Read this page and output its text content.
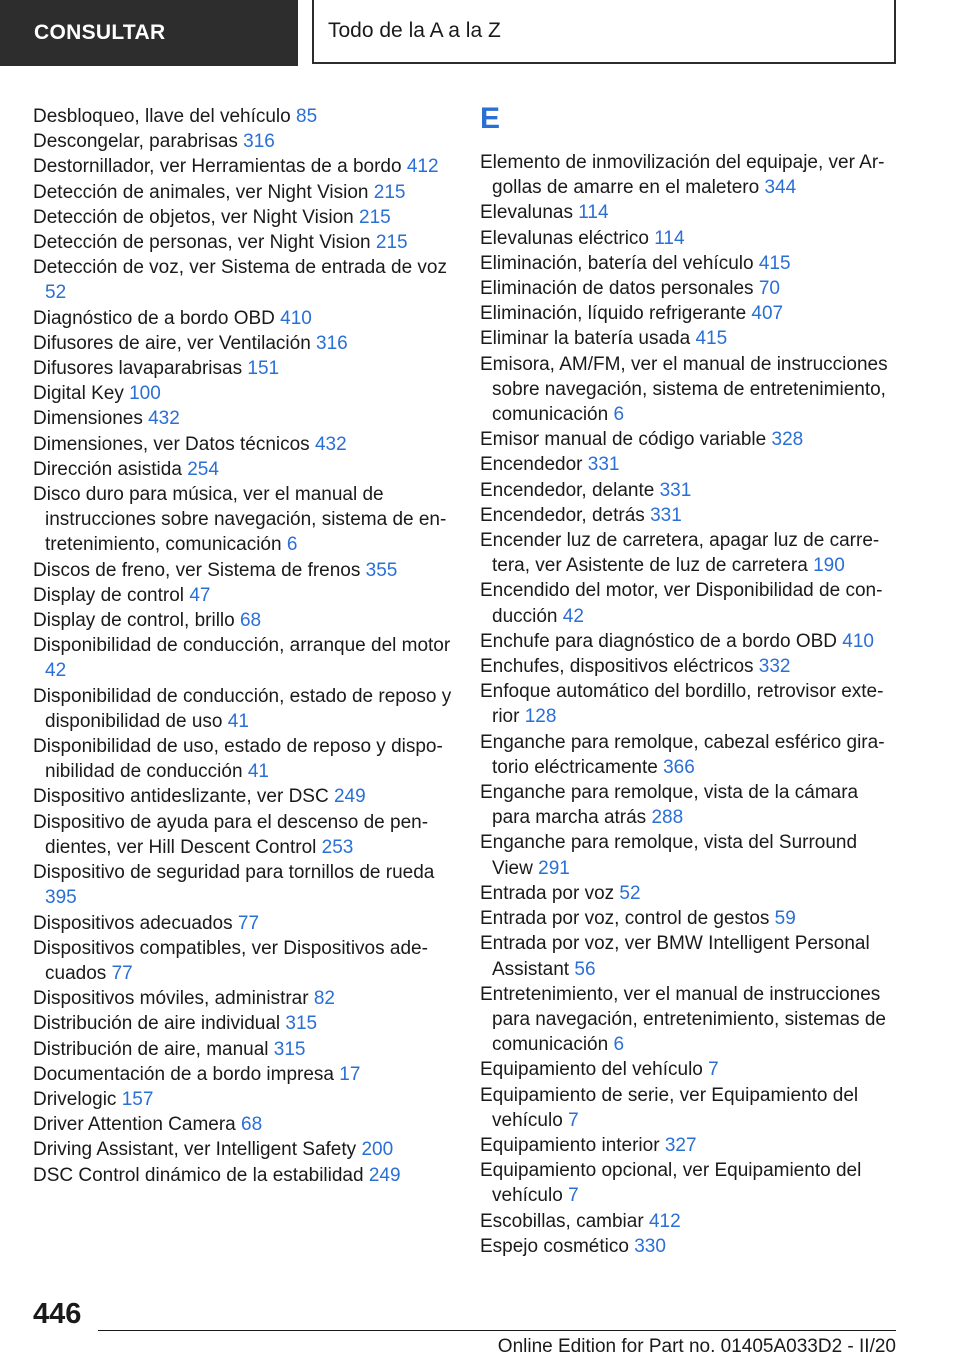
CONSULTAR	Todo de la A a la Z
Desbloqueo, llave del vehículo 85
Descongelar, parabrisas 316
Destornillador, ver Herramientas de a bordo 412
Detección de animales, ver Night Vision 215
Detección de objetos, ver Night Vision 215
Detección de personas, ver Night Vision 215
Detección de voz, ver Sistema de entrada de voz 52
Diagnóstico de a bordo OBD 410
Difusores de aire, ver Ventilación 316
Difusores lavaparabrisas 151
Digital Key 100
Dimensiones 432
Dimensiones, ver Datos técnicos 432
Dirección asistida 254
Disco duro para música, ver el manual de instrucciones sobre navegación, sistema de entretenimiento, comunicación 6
Discos de freno, ver Sistema de frenos 355
Display de control 47
Display de control, brillo 68
Disponibilidad de conducción, arranque del motor 42
Disponibilidad de conducción, estado de reposo y disponibilidad de uso 41
Disponibilidad de uso, estado de reposo y disponibilidad de conducción 41
Dispositivo antideslizante, ver DSC 249
Dispositivo de ayuda para el descenso de pendientes, ver Hill Descent Control 253
Dispositivo de seguridad para tornillos de rueda 395
Dispositivos adecuados 77
Dispositivos compatibles, ver Dispositivos adecuados 77
Dispositivos móviles, administrar 82
Distribución de aire individual 315
Distribución de aire, manual 315
Documentación de a bordo impresa 17
Drivelogic 157
Driver Attention Camera 68
Driving Assistant, ver Intelligent Safety 200
DSC Control dinámico de la estabilidad 249
E
Elemento de inmovilización del equipaje, ver Argollas de amarre en el maletero 344
Elevalunas 114
Elevalunas eléctrico 114
Eliminación, batería del vehículo 415
Eliminación de datos personales 70
Eliminación, líquido refrigerante 407
Eliminar la batería usada 415
Emisora, AM/FM, ver el manual de instrucciones sobre navegación, sistema de entretenimiento, comunicación 6
Emisor manual de código variable 328
Encendedor 331
Encendedor, delante 331
Encendedor, detrás 331
Encender luz de carretera, apagar luz de carretera, ver Asistente de luz de carretera 190
Encendido del motor, ver Disponibilidad de conducción 42
Enchufe para diagnóstico de a bordo OBD 410
Enchufes, dispositivos eléctricos 332
Enfoque automático del bordillo, retrovisor exterior 128
Enganche para remolque, cabezal esférico giratorio eléctricamente 366
Enganche para remolque, vista de la cámara para marcha atrás 288
Enganche para remolque, vista del Surround View 291
Entrada por voz 52
Entrada por voz, control de gestos 59
Entrada por voz, ver BMW Intelligent Personal Assistant 56
Entretenimiento, ver el manual de instrucciones para navegación, entretenimiento, sistemas de comunicación 6
Equipamiento del vehículo 7
Equipamiento de serie, ver Equipamiento del vehículo 7
Equipamiento interior 327
Equipamiento opcional, ver Equipamiento del vehículo 7
Escobillas, cambiar 412
Espejo cosmético 330
446
Online Edition for Part no. 01405A033D2 - II/20
